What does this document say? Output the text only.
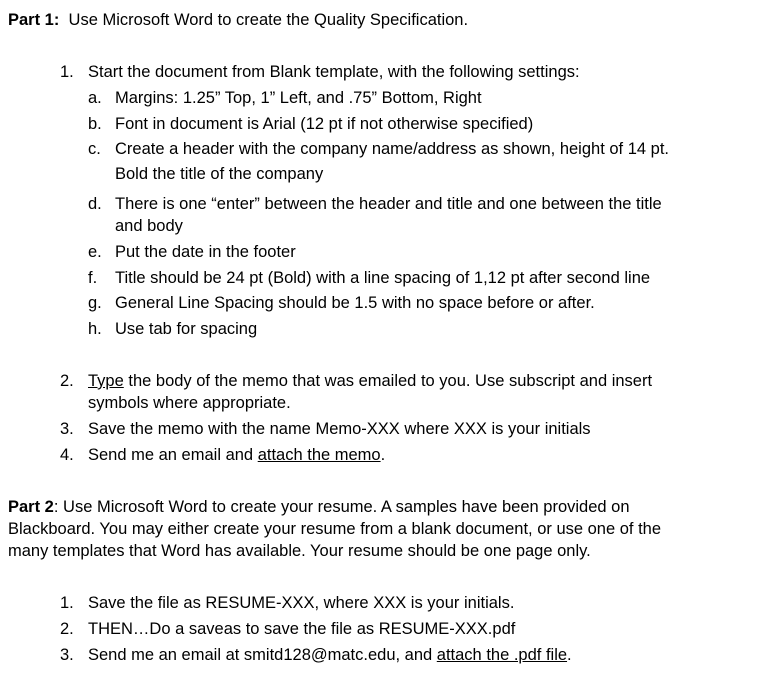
Part 1: Use Microsoft Word to create the Quality Specification.
1. Start the document from Blank template, with the following settings:
a. Margins: 1.25” Top, 1” Left, and .75” Bottom, Right
b. Font in document is Arial (12 pt if not otherwise specified)
c. Create a header with the company name/address as shown, height of 14 pt.
Bold the title of the company
d. There is one “enter” between the header and title and one between the title
and body
e. Put the date in the footer
f. Title should be 24 pt (Bold) with a line spacing of 1,12 pt after second line
g. General Line Spacing should be 1.5 with no space before or after.
h. Use tab for spacing
2. Type the body of the memo that was emailed to you. Use subscript and insert
symbols where appropriate.
3. Save the memo with the name Memo-XXX where XXX is your initials
4. Send me an email and attach the memo.
Part 2: Use Microsoft Word to create your resume. A samples have been provided on
Blackboard. You may either create your resume from a blank document, or use one of the
many templates that Word has available. Your resume should be one page only.
1. Save the file as RESUME-XXX, where XXX is your initials.
2. THEN…Do a saveas to save the file as RESUME-XXX.pdf
3. Send me an email at smitd128@matc.edu, and attach the .pdf file.
